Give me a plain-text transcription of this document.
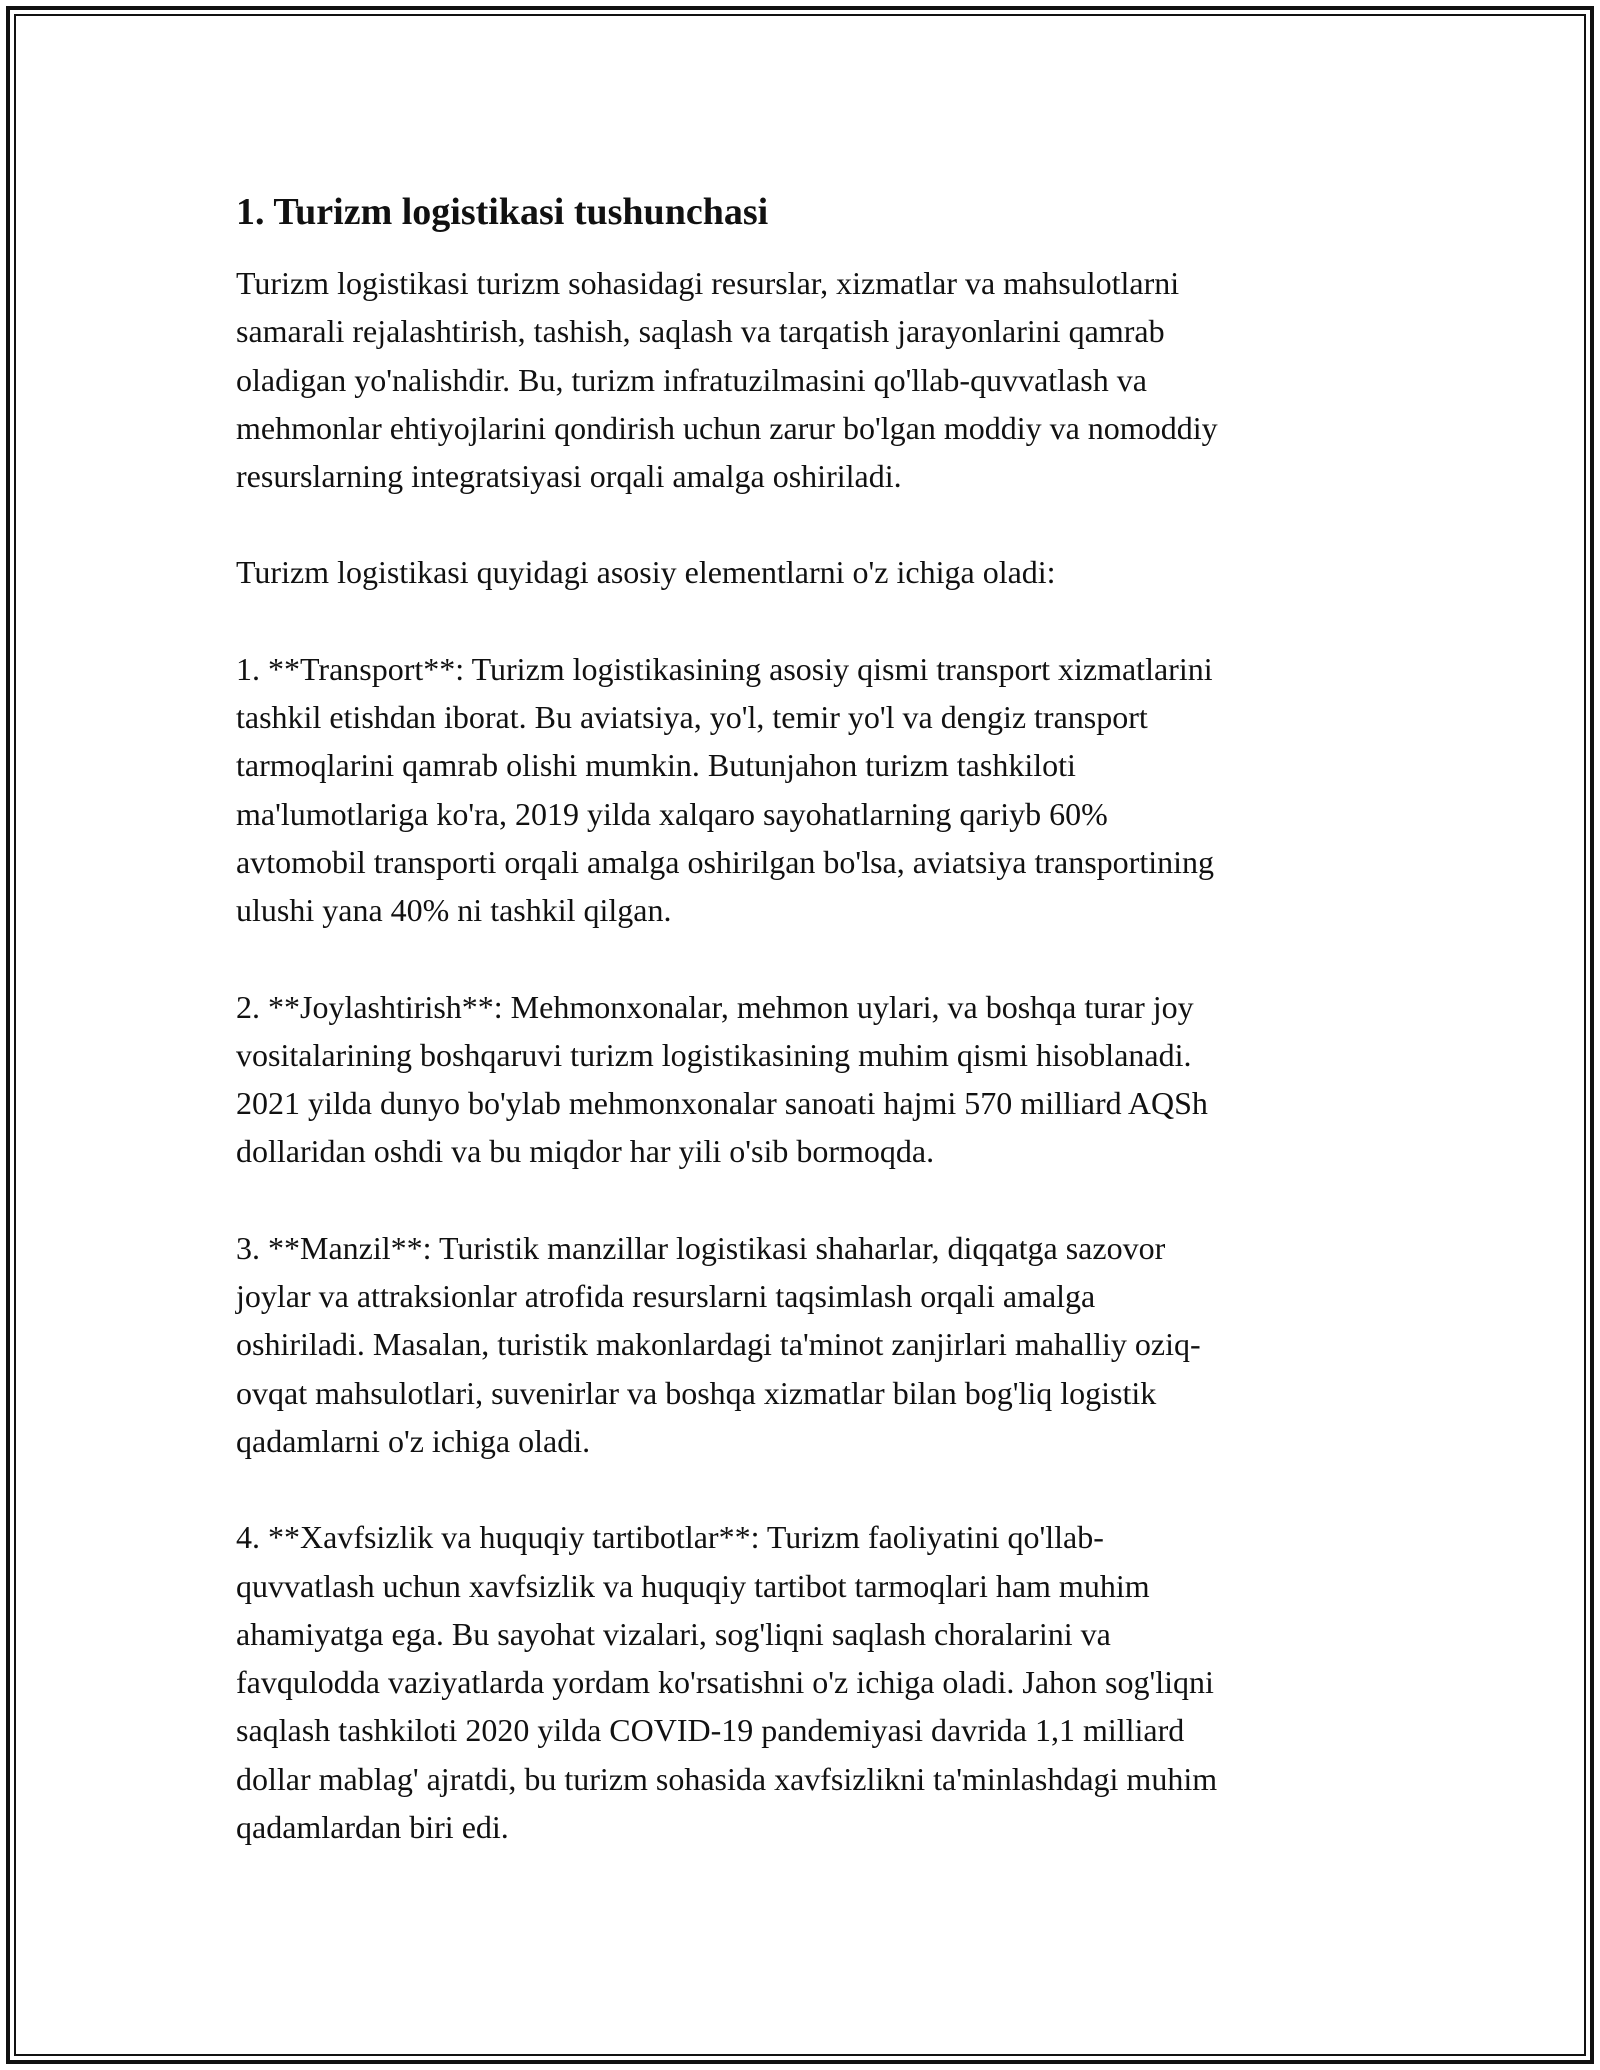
1. Turizm logistikasi tushunchasi

Turizm logistikasi turizm sohasidagi resurslar, xizmatlar va mahsulotlarni
samarali rejalashtirish, tashish, saqlash va tarqatish jarayonlarini qamrab
oladigan yo'nalishdir. Bu, turizm infratuzilmasini qo'llab-quvvatlash va
mehmonlar ehtiyojlarini qondirish uchun zarur bo'lgan moddiy va nomoddiy
resurslarning integratsiyasi orqali amalga oshiriladi.

Turizm logistikasi quyidagi asosiy elementlarni o'z ichiga oladi:

1. **Transport**: Turizm logistikasining asosiy qismi transport xizmatlarini
tashkil etishdan iborat. Bu aviatsiya, yo'l, temir yo'l va dengiz transport
tarmoqlarini qamrab olishi mumkin. Butunjahon turizm tashkiloti
ma'lumotlariga ko'ra, 2019 yilda xalqaro sayohatlarning qariyb 60%
avtomobil transporti orqali amalga oshirilgan bo'lsa, aviatsiya transportining
ulushi yana 40% ni tashkil qilgan.

2. **Joylashtirish**: Mehmonxonalar, mehmon uylari, va boshqa turar joy
vositalarining boshqaruvi turizm logistikasining muhim qismi hisoblanadi.
2021 yilda dunyo bo'ylab mehmonxonalar sanoati hajmi 570 milliard AQSh
dollaridan oshdi va bu miqdor har yili o'sib bormoqda.

3. **Manzil**: Turistik manzillar logistikasi shaharlar, diqqatga sazovor
joylar va attraksionlar atrofida resurslarni taqsimlash orqali amalga
oshiriladi. Masalan, turistik makonlardagi ta'minot zanjirlari mahalliy oziq-
ovqat mahsulotlari, suvenirlar va boshqa xizmatlar bilan bog'liq logistik
qadamlarni o'z ichiga oladi.

4. **Xavfsizlik va huquqiy tartibotlar**: Turizm faoliyatini qo'llab-
quvvatlash uchun xavfsizlik va huquqiy tartibot tarmoqlari ham muhim
ahamiyatga ega. Bu sayohat vizalari, sog'liqni saqlash choralarini va
favqulodda vaziyatlarda yordam ko'rsatishni o'z ichiga oladi. Jahon sog'liqni
saqlash tashkiloti 2020 yilda COVID-19 pandemiyasi davrida 1,1 milliard
dollar mablag' ajratdi, bu turizm sohasida xavfsizlikni ta'minlashdagi muhim
qadamlardan biri edi.
